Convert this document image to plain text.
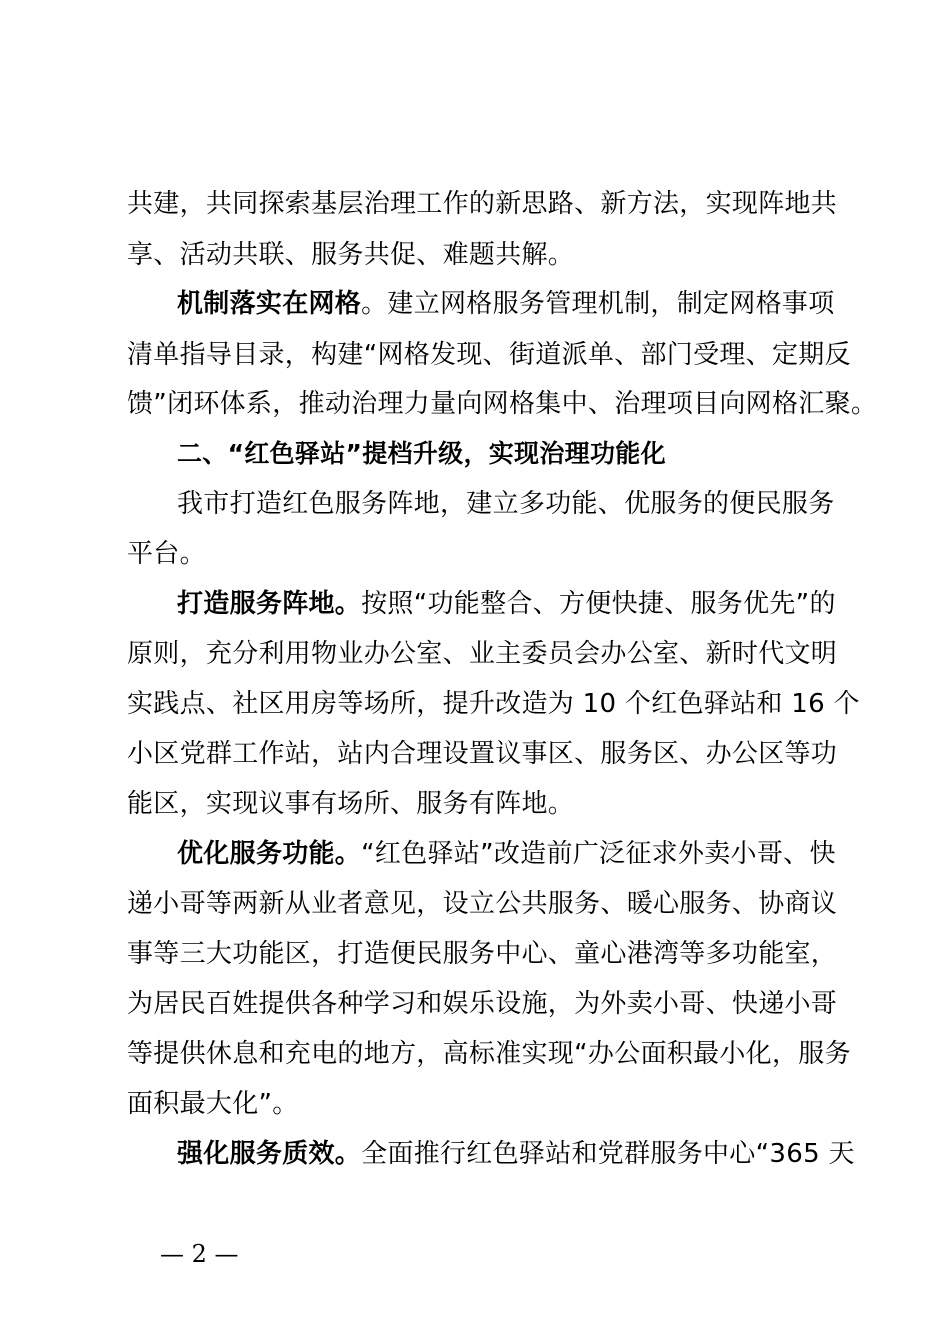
共建，共同探索基层治理工作的新思路、新方法，实现阵地共
享、活动共联、服务共促、难题共解。
机制落实在网格。建立网格服务管理机制，制定网格事项
清单指导目录，构建“网格发现、街道派单、部门受理、定期反
馈”闭环体系，推动治理力量向网格集中、治理项目向网格汇聚。
二、“红色驿站”提档升级，实现治理功能化
我市打造红色服务阵地，建立多功能、优服务的便民服务
平台。
打造服务阵地。按照“功能整合、方便快捷、服务优先”的
原则，充分利用物业办公室、业主委员会办公室、新时代文明
实践点、社区用房等场所，提升改造为 10 个红色驿站和 16 个
小区党群工作站，站内合理设置议事区、服务区、办公区等功
能区，实现议事有场所、服务有阵地。
优化服务功能。“红色驿站”改造前广泛征求外卖小哥、快
递小哥等两新从业者意见，设立公共服务、暖心服务、协商议
事等三大功能区，打造便民服务中心、童心港湾等多功能室，
为居民百姓提供各种学习和娱乐设施，为外卖小哥、快递小哥
等提供休息和充电的地方，高标准实现“办公面积最小化，服务
面积最大化”。
强化服务质效。全面推行红色驿站和党群服务中心“365 天
— 2 —
